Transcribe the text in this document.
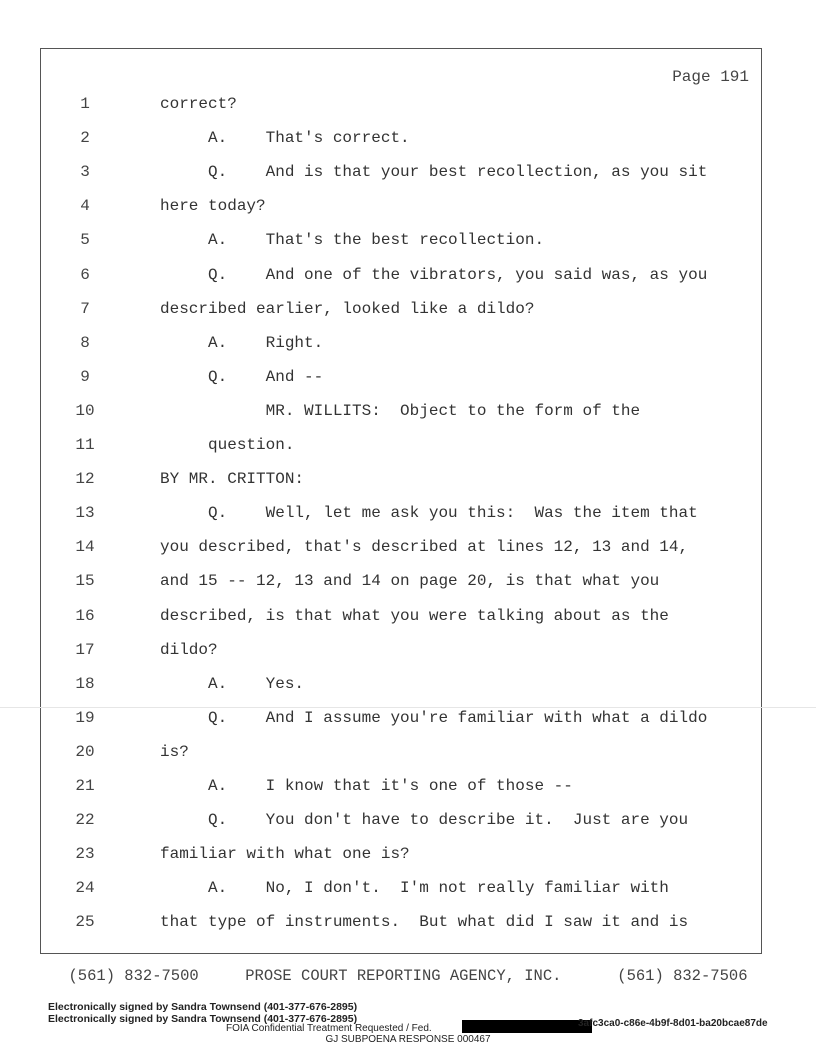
Page 191
1	correct?
2	A.    That's correct.
3	Q.    And is that your best recollection, as you sit
4	here today?
5	A.    That's the best recollection.
6	Q.    And one of the vibrators, you said was, as you
7	described earlier, looked like a dildo?
8	A.    Right.
9	Q.    And --
10	MR. WILLITS:  Object to the form of the
11	question.
12	BY MR. CRITTON:
13	Q.    Well, let me ask you this:  Was the item that
14	you described, that's described at lines 12, 13 and 14,
15	and 15 -- 12, 13 and 14 on page 20, is that what you
16	described, is that what you were talking about as the
17	dildo?
18	A.    Yes.
19	Q.    And I assume you're familiar with what a dildo
20	is?
21	A.    I know that it's one of those --
22	Q.    You don't have to describe it.  Just are you
23	familiar with what one is?
24	A.    No, I don't.  I'm not really familiar with
25	that type of instruments.  But what did I saw it and is
(561) 832-7500     PROSE COURT REPORTING AGENCY, INC.      (561) 832-7506
Electronically signed by Sandra Townsend (401-377-676-2895)
Electronically signed by Sandra Townsend (401-377-676-2895)
FOIA Confidential Treatment Requested / Fed.	3afc3ca0-c86e-4b9f-8d01-ba20bcae87de
GJ SUBPOENA RESPONSE 000467
